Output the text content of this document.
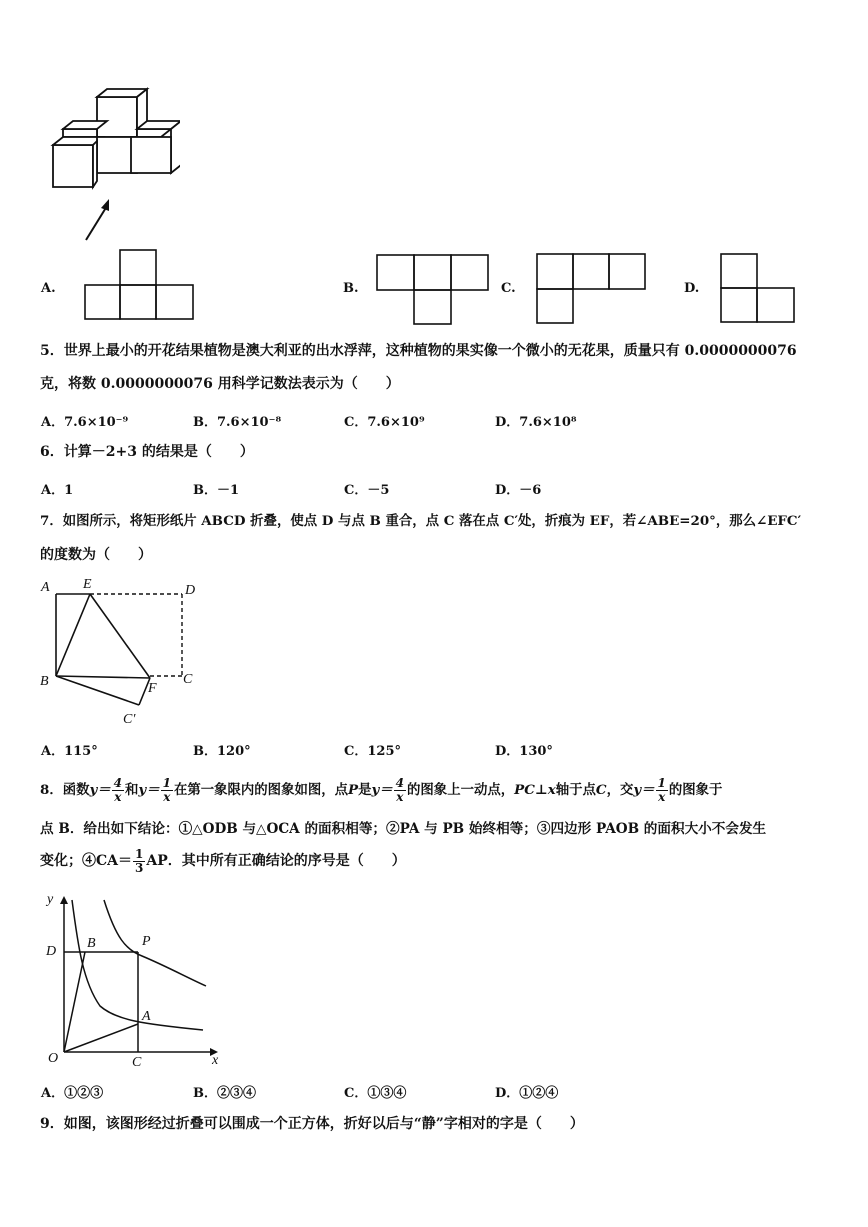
A.	B.	C.	D.
5．世界上最小的开花结果植物是澳大利亚的出水浮萍，这种植物的果实像一个微小的无花果，质量只有 0.0000000076
克，将数 0.0000000076 用科学记数法表示为（　　）
A．7.6×10⁻⁹	B．7.6×10⁻⁸	C．7.6×10⁹	D．7.6×10⁸
6．计算－2+3 的结果是（　　）
A．1	B．－1	C．－5	D．－6
7．如图所示，将矩形纸片 ABCD 折叠，使点 D 与点 B 重合，点 C 落在点 C′处，折痕为 EF，若∠ABE=20°，那么∠EFC′
的度数为（　　）
A E	D
B	F
C
C′
A．115°	B．120°	C．125°	D．130°
8．函数$y= \frac{4}{x}$ 和$y= \frac{1}{x}$ 在第一象限内的图象如图，点P是$y= \frac{4}{x}$ 的图象上一动点，PC⊥x轴于点C，交$y= \frac{1}{x}$ 的图象于
点 B．给出如下结论：①△ODB 与△OCA 的面积相等；②PA 与 PB 始终相等；③四边形 PAOB 的面积大小不会发生
变化；④CA＝ $\frac{1}{3}$ AP．其中所有正确结论的序号是（　　）
y
x
O
D
B	P
A
C
A．①②③	B．②③④	C．①③④	D．①②④
9．如图，该图形经过折叠可以围成一个正方体，折好以后与“静”字相对的字是（　　）
